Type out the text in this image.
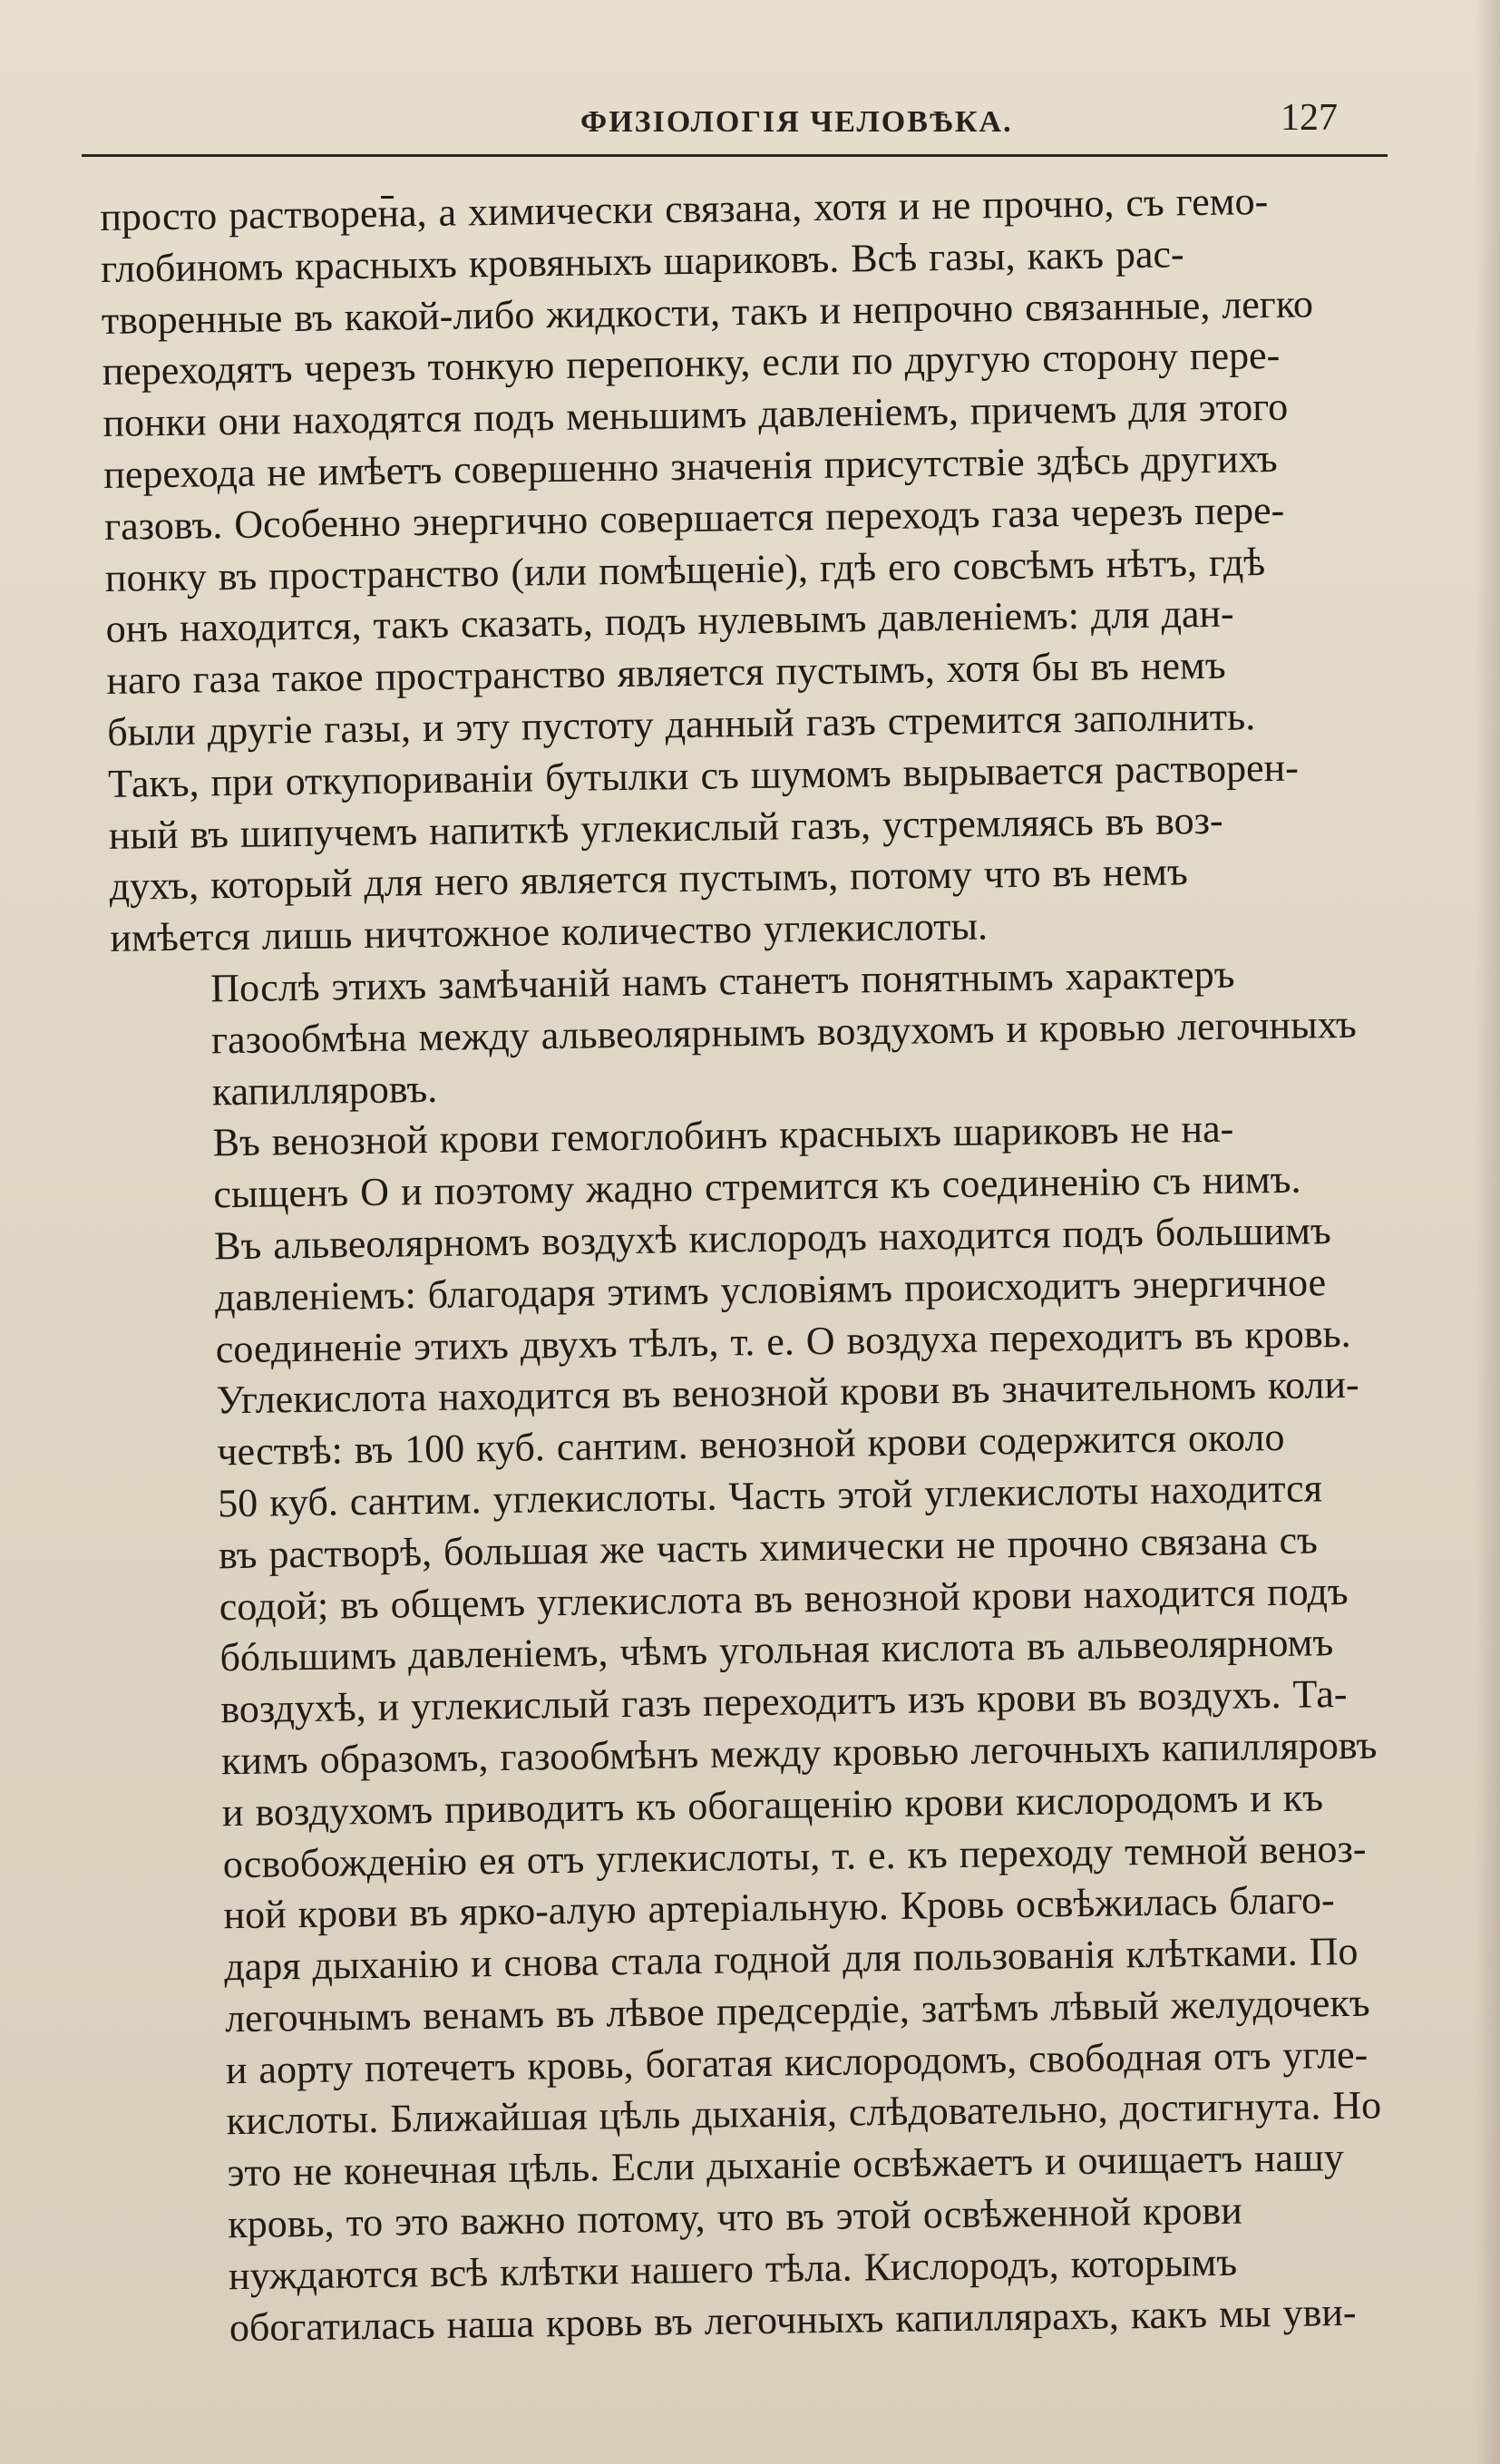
ФИЗІОЛОГІЯ ЧЕЛОВѢКА.	127

просто растворена, а химически связана, хотя и не прочно, съ гемо-
глобиномъ красныхъ кровяныхъ шариковъ. Всѣ газы, какъ рас-
творенные въ какой-либо жидкости, такъ и непрочно связанные, легко
переходятъ черезъ тонкую перепонку, если по другую сторону пере-
понки они находятся подъ меньшимъ давленіемъ, причемъ для этого
перехода не имѣетъ совершенно значенія присутствіе здѣсь другихъ
газовъ. Особенно энергично совершается переходъ газа черезъ пере-
понку въ пространство (или помѣщеніе), гдѣ его совсѣмъ нѣтъ, гдѣ
онъ находится, такъ сказать, подъ нулевымъ давленіемъ: для дан-
наго газа такое пространство является пустымъ, хотя бы въ немъ
были другіе газы, и эту пустоту данный газъ стремится заполнить.
Такъ, при откупориваніи бутылки съ шумомъ вырывается растворен-
ный въ шипучемъ напиткѣ углекислый газъ, устремляясь въ воз-
духъ, который для него является пустымъ, потому что въ немъ
имѣется лишь ничтожное количество углекислоты.

Послѣ этихъ замѣчаній намъ станетъ понятнымъ характеръ
газообмѣна между альвеолярнымъ воздухомъ и кровью легочныхъ
капилляровъ.

Въ венозной крови гемоглобинъ красныхъ шариковъ не на-
сыщенъ O и поэтому жадно стремится къ соединенію съ нимъ.
Въ альвеолярномъ воздухѣ кислородъ находится подъ большимъ
давленіемъ: благодаря этимъ условіямъ происходитъ энергичное
соединеніе этихъ двухъ тѣлъ, т. е. O воздуха переходитъ въ кровь.
Углекислота находится въ венозной крови въ значительномъ коли-
чествѣ: въ 100 куб. сантим. венозной крови содержится около
50 куб. сантим. углекислоты. Часть этой углекислоты находится
въ растворѣ, большая же часть химически не прочно связана съ
содой; въ общемъ углекислота въ венозной крови находится подъ
бóльшимъ давленіемъ, чѣмъ угольная кислота въ альвеолярномъ
воздухѣ, и углекислый газъ переходитъ изъ крови въ воздухъ. Та-
кимъ образомъ, газообмѣнъ между кровью легочныхъ капилляровъ
и воздухомъ приводитъ къ обогащенію крови кислородомъ и къ
освобожденію ея отъ углекислоты, т. е. къ переходу темной веноз-
ной крови въ ярко-алую артеріальную. Кровь освѣжилась благо-
даря дыханію и снова стала годной для пользованія клѣтками. По
легочнымъ венамъ въ лѣвое предсердіе, затѣмъ лѣвый желудочекъ
и аорту потечетъ кровь, богатая кислородомъ, свободная отъ угле-
кислоты. Ближайшая цѣль дыханія, слѣдовательно, достигнута. Но
это не конечная цѣль. Если дыханіе освѣжаетъ и очищаетъ нашу
кровь, то это важно потому, что въ этой освѣженной крови
нуждаются всѣ клѣтки нашего тѣла. Кислородъ, которымъ
обогатилась наша кровь въ легочныхъ капиллярахъ, какъ мы уви-
